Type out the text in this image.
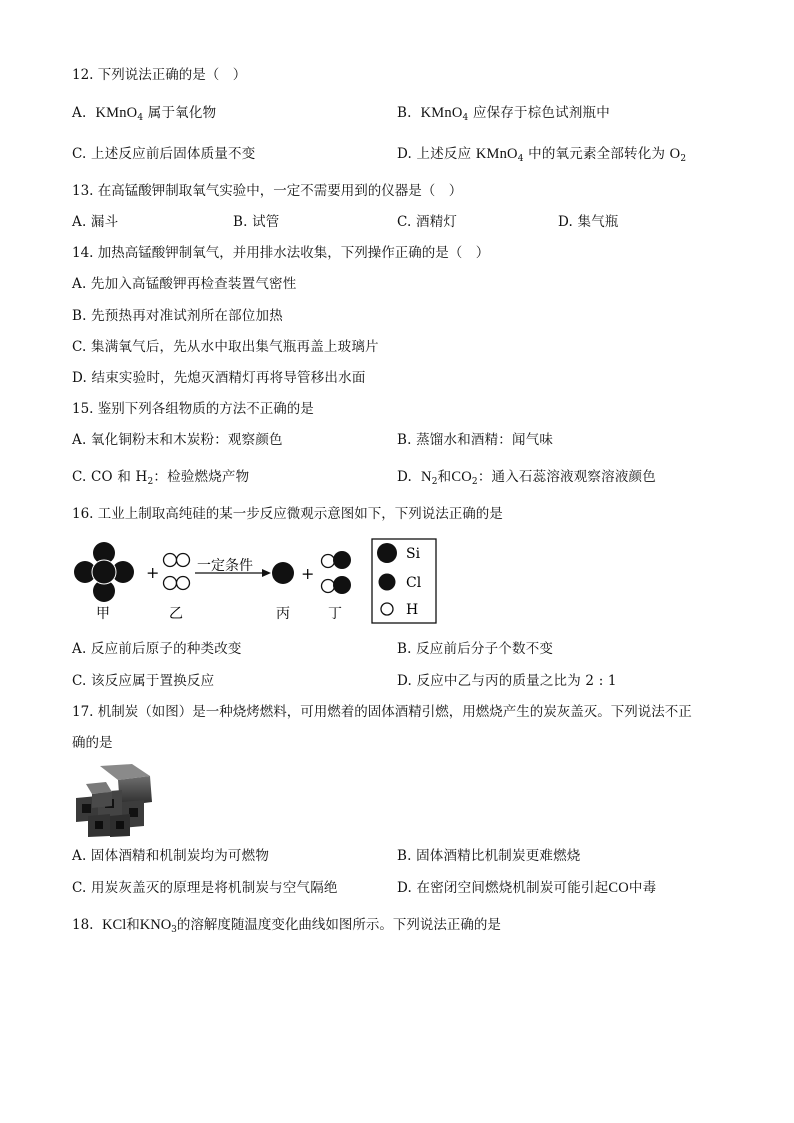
12. 下列说法正确的是（　）
A. KMnO$_4$ 属于氧化物	B. KMnO$_4$ 应保存于棕色试剂瓶中
C. 上述反应前后固体质量不变	D. 上述反应 KMnO$_4$ 中的氧元素全部转化为 $O_2$
13. 在高锰酸钾制取氧气实验中，一定不需要用到的仪器是（　）
A. 漏斗	B. 试管	C. 酒精灯	D. 集气瓶
14. 加热高锰酸钾制氧气，并用排水法收集，下列操作正确的是（　）
A. 先加入高锰酸钾再检查装置气密性
B. 先预热再对准试剂所在部位加热
C. 集满氧气后，先从水中取出集气瓶再盖上玻璃片
D. 结束实验时，先熄灭酒精灯再将导管移出水面
15. 鉴别下列各组物质的方法不正确的是
A. 氧化铜粉末和木炭粉：观察颜色	B. 蒸馏水和酒精：闻气味
C. CO 和 $H_2$：检验燃烧产物	D. $N_2$和$CO_2$：通入石蕊溶液观察溶液颜色
16. 工业上制取高纯硅的某一步反应微观示意图如下，下列说法正确的是
+	一定条件	+
甲	乙	丙	丁
Si
Cl
H
A. 反应前后原子的种类改变	B. 反应前后分子个数不变
C. 该反应属于置换反应	D. 反应中乙与丙的质量之比为 2 : 1
17. 机制炭（如图）是一种烧烤燃料，可用燃着的固体酒精引燃，用燃烧产生的炭灰盖灭。下列说法不正
确的是
A. 固体酒精和机制炭均为可燃物	B. 固体酒精比机制炭更难燃烧
C. 用炭灰盖灭的原理是将机制炭与空气隔绝	D. 在密闭空间燃烧机制炭可能引起CO中毒
18. KCl和$KNO_3$的溶解度随温度变化曲线如图所示。下列说法正确的是
